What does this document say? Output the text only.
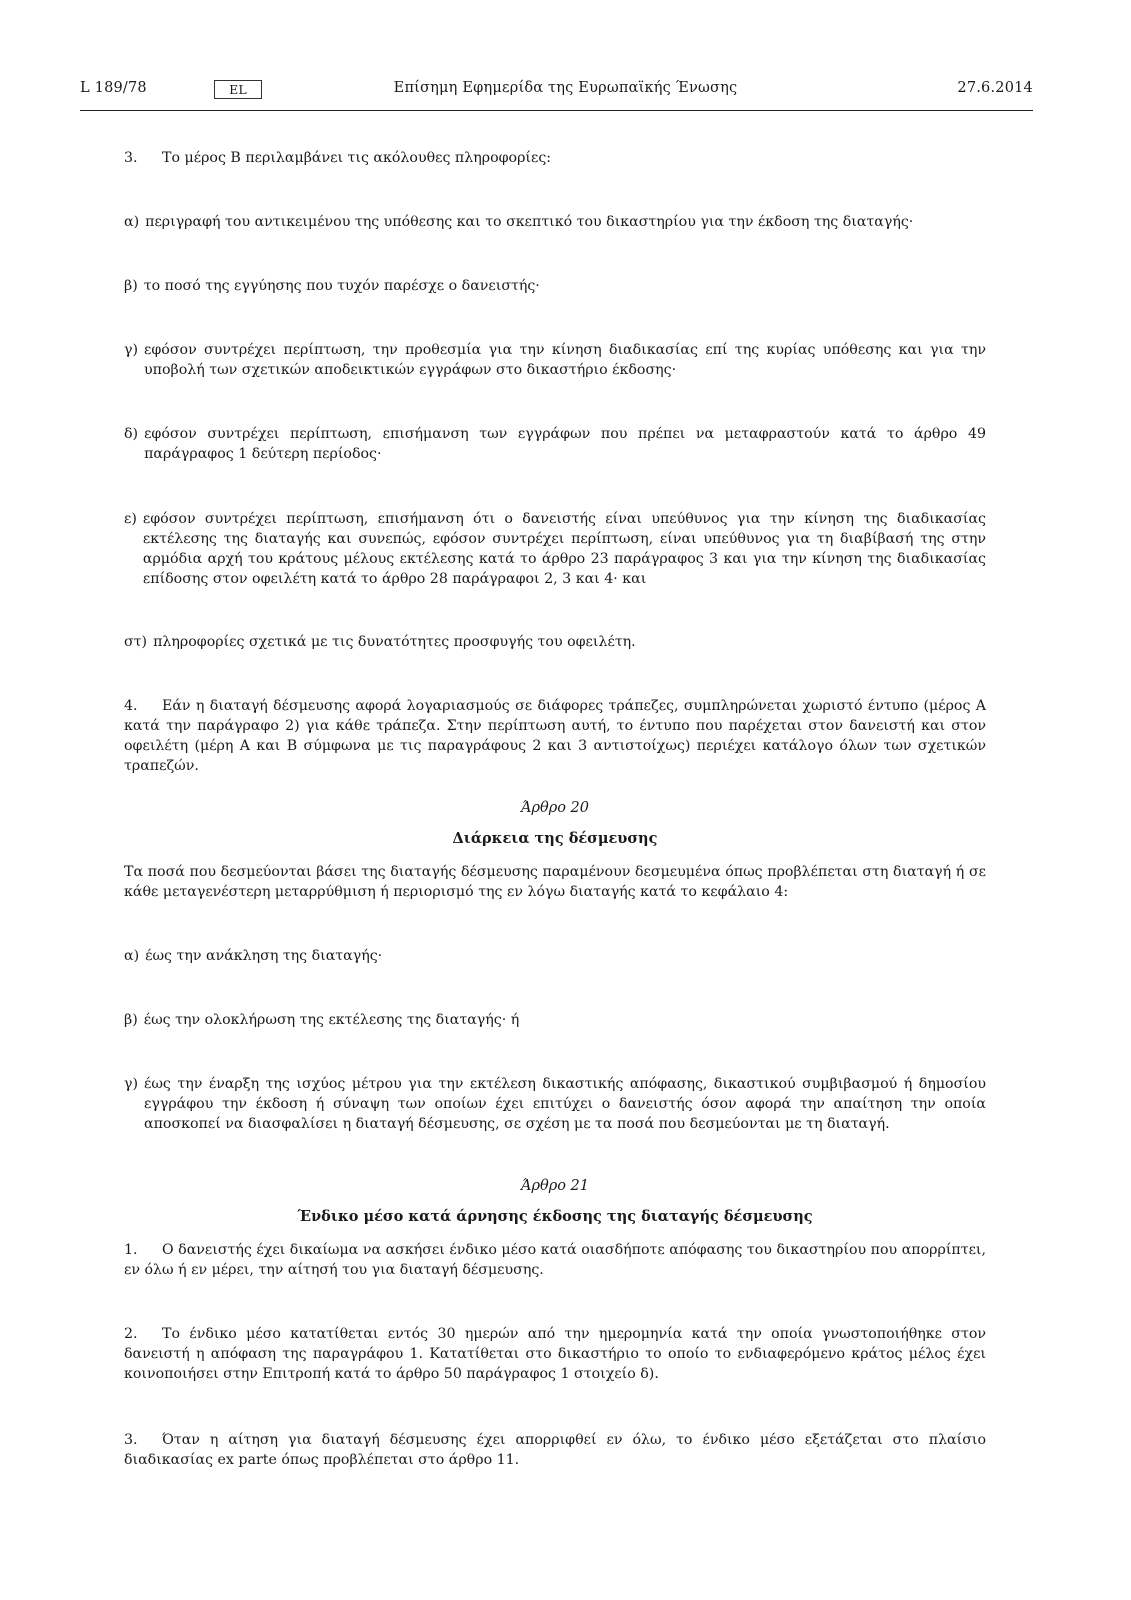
L 189/78	EL	Επίσημη Εφημερίδα της Ευρωπαϊκής Ένωσης	27.6.2014
3. Το μέρος Β περιλαμβάνει τις ακόλουθες πληροφορίες:
α) περιγραφή του αντικειμένου της υπόθεσης και το σκεπτικό του δικαστηρίου για την έκδοση της διαταγής·
β) το ποσό της εγγύησης που τυχόν παρέσχε ο δανειστής·
γ) εφόσον συντρέχει περίπτωση, την προθεσμία για την κίνηση διαδικασίας επί της κυρίας υπόθεσης και για την υποβολή των σχετικών αποδεικτικών εγγράφων στο δικαστήριο έκδοσης·
δ) εφόσον συντρέχει περίπτωση, επισήμανση των εγγράφων που πρέπει να μεταφραστούν κατά το άρθρο 49 παράγραφος 1 δεύτερη περίοδος·
ε) εφόσον συντρέχει περίπτωση, επισήμανση ότι ο δανειστής είναι υπεύθυνος για την κίνηση της διαδικασίας εκτέλεσης της διαταγής και συνεπώς, εφόσον συντρέχει περίπτωση, είναι υπεύθυνος για τη διαβίβασή της στην αρμόδια αρχή του κράτους μέλους εκτέλεσης κατά το άρθρο 23 παράγραφος 3 και για την κίνηση της διαδικασίας επίδοσης στον οφειλέτη κατά το άρθρο 28 παράγραφοι 2, 3 και 4· και
στ) πληροφορίες σχετικά με τις δυνατότητες προσφυγής του οφειλέτη.
4. Εάν η διαταγή δέσμευσης αφορά λογαριασμούς σε διάφορες τράπεζες, συμπληρώνεται χωριστό έντυπο (μέρος Α κατά την παράγραφο 2) για κάθε τράπεζα. Στην περίπτωση αυτή, το έντυπο που παρέχεται στον δανειστή και στον οφειλέτη (μέρη Α και Β σύμφωνα με τις παραγράφους 2 και 3 αντιστοίχως) περιέχει κατάλογο όλων των σχετικών τραπεζών.
Άρθρο 20
Διάρκεια της δέσμευσης
Τα ποσά που δεσμεύονται βάσει της διαταγής δέσμευσης παραμένουν δεσμευμένα όπως προβλέπεται στη διαταγή ή σε κάθε μεταγενέστερη μεταρρύθμιση ή περιορισμό της εν λόγω διαταγής κατά το κεφάλαιο 4:
α) έως την ανάκληση της διαταγής·
β) έως την ολοκλήρωση της εκτέλεσης της διαταγής· ή
γ) έως την έναρξη της ισχύος μέτρου για την εκτέλεση δικαστικής απόφασης, δικαστικού συμβιβασμού ή δημοσίου εγγράφου την έκδοση ή σύναψη των οποίων έχει επιτύχει ο δανειστής όσον αφορά την απαίτηση την οποία αποσκοπεί να διασφαλίσει η διαταγή δέσμευσης, σε σχέση με τα ποσά που δεσμεύονται με τη διαταγή.
Άρθρο 21
Ένδικο μέσο κατά άρνησης έκδοσης της διαταγής δέσμευσης
1. Ο δανειστής έχει δικαίωμα να ασκήσει ένδικο μέσο κατά οιασδήποτε απόφασης του δικαστηρίου που απορρίπτει, εν όλω ή εν μέρει, την αίτησή του για διαταγή δέσμευσης.
2. Το ένδικο μέσο κατατίθεται εντός 30 ημερών από την ημερομηνία κατά την οποία γνωστοποιήθηκε στον δανειστή η απόφαση της παραγράφου 1. Κατατίθεται στο δικαστήριο το οποίο το ενδιαφερόμενο κράτος μέλος έχει κοινοποιήσει στην Επιτροπή κατά το άρθρο 50 παράγραφος 1 στοιχείο δ).
3. Όταν η αίτηση για διαταγή δέσμευσης έχει απορριφθεί εν όλω, το ένδικο μέσο εξετάζεται στο πλαίσιο διαδικασίας ex parte όπως προβλέπεται στο άρθρο 11.
